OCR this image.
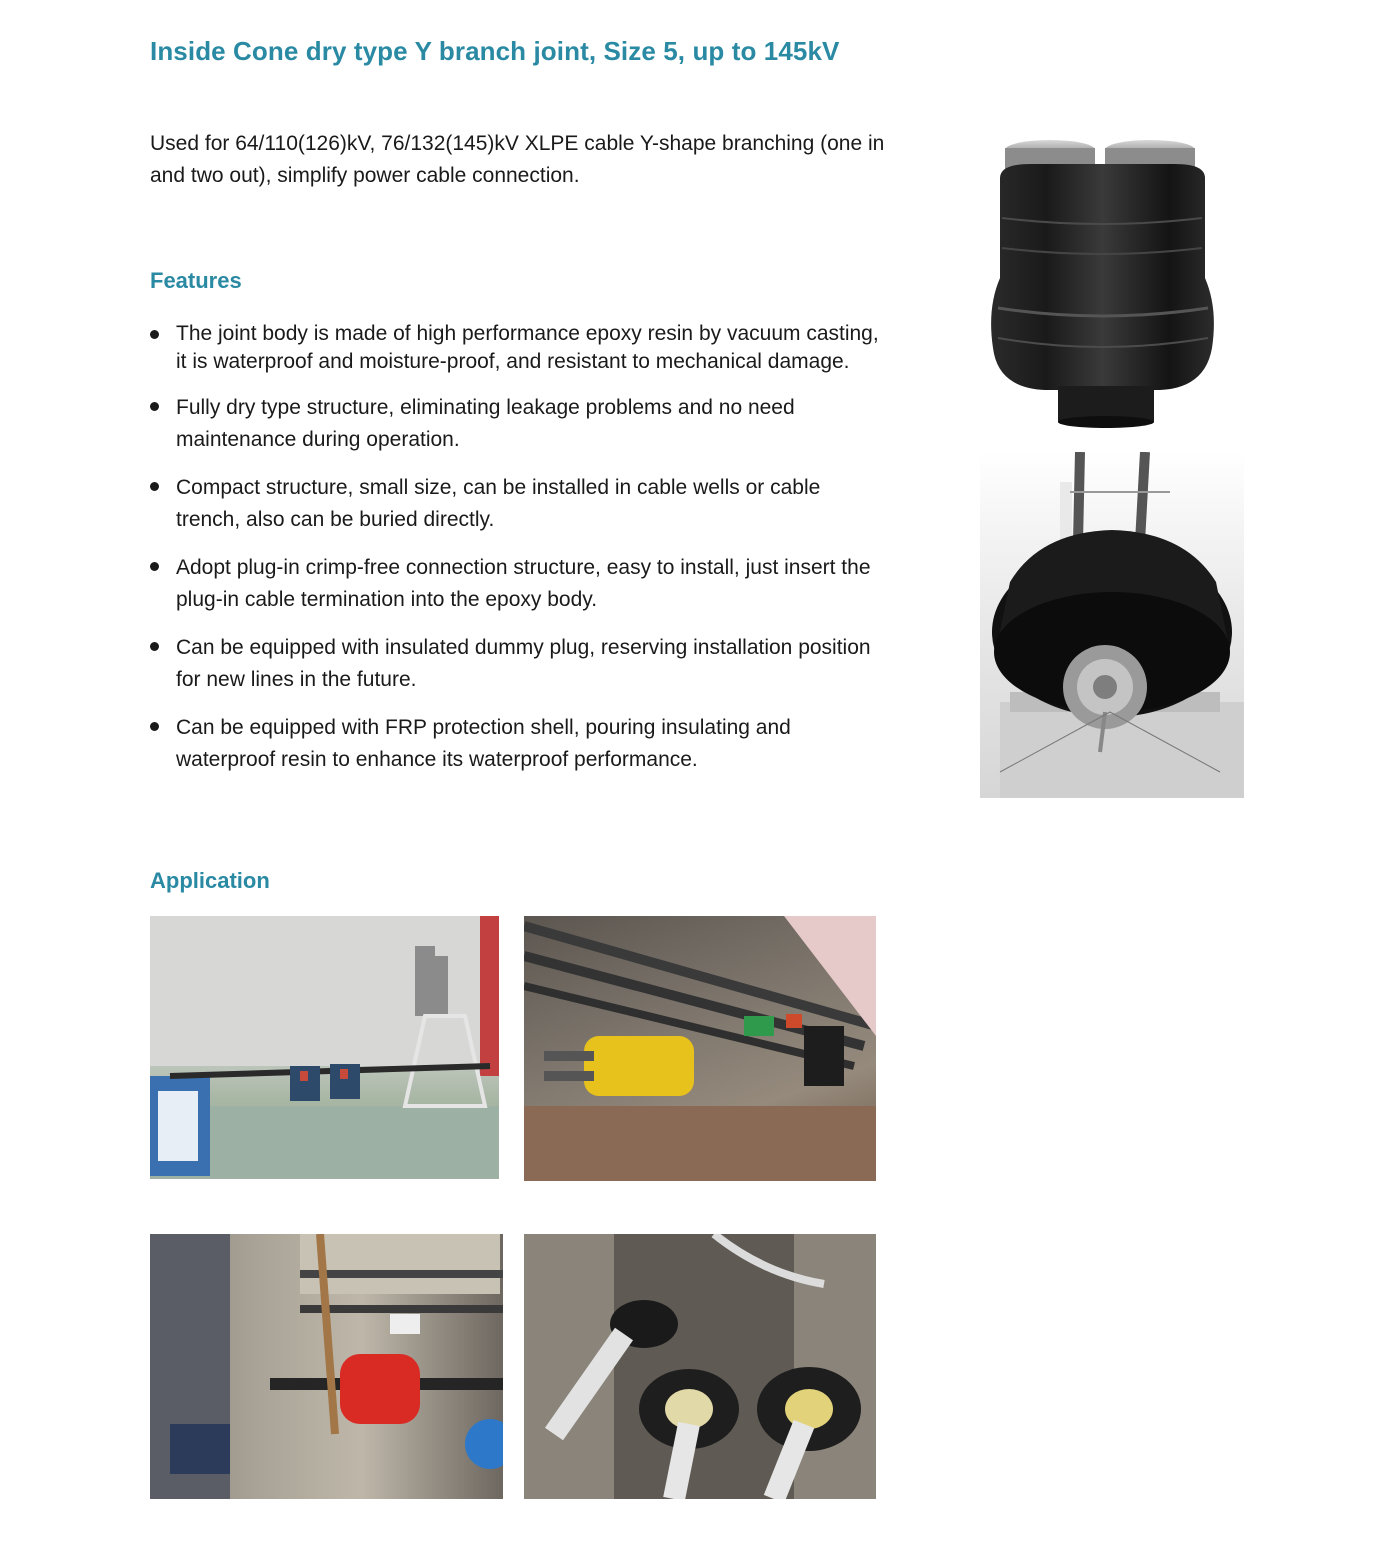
Inside Cone dry type Y branch joint, Size 5, up to 145kV

Used for 64/110(126)kV, 76/132(145)kV XLPE cable Y-shape branching (one in and two out), simplify power cable connection.

Features
The joint body is made of high performance epoxy resin by vacuum casting, it is waterproof and moisture-proof, and resistant to mechanical damage.
Fully dry type structure, eliminating leakage problems and no need maintenance during operation.
Compact structure, small size, can be installed in cable wells or cable trench, also can be buried directly.
Adopt plug-in crimp-free connection structure, easy to install, just insert the plug-in cable termination into the epoxy body.
Can be equipped with insulated dummy plug, reserving installation position for new lines in the future.
Can be equipped with FRP protection shell, pouring insulating and waterproof resin to enhance its waterproof performance.
Application
